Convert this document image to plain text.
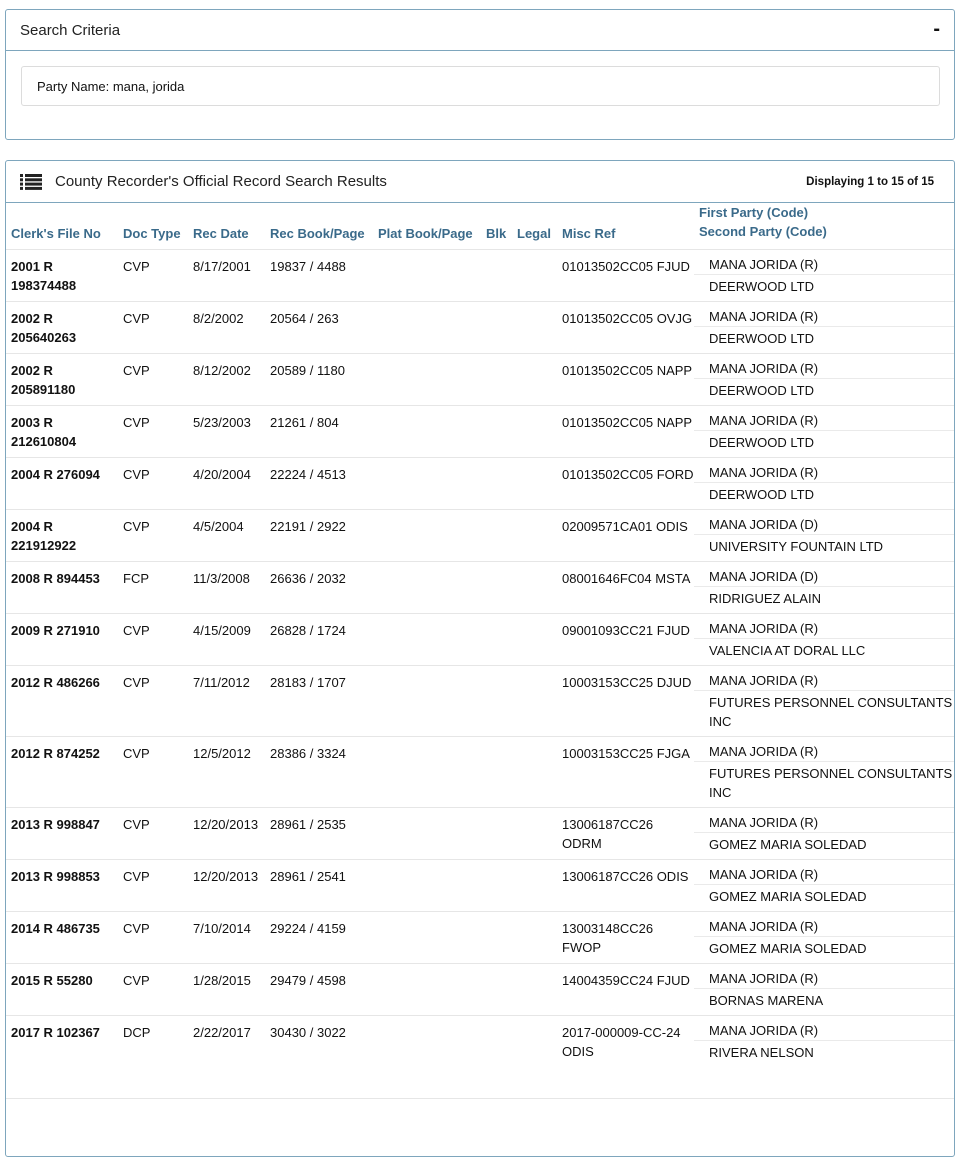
Search Criteria	-
Party Name: mana, jorida
County Recorder's Official Record Search Results	Displaying 1 to 15 of 15
Clerk's File No	Doc Type	Rec Date	Rec Book/Page	Plat Book/Page	Blk	Legal	Misc Ref	First Party (Code)
Second Party (Code)

2001 R 198374488	CVP	8/17/2001	19837 / 4488				01013502CC05 FJUD	MANA JORIDA (R)
DEERWOOD LTD

2002 R 205640263	CVP	8/2/2002	20564 / 263				01013502CC05 OVJG	MANA JORIDA (R)
DEERWOOD LTD

2002 R 205891180	CVP	8/12/2002	20589 / 1180				01013502CC05 NAPP	MANA JORIDA (R)
DEERWOOD LTD

2003 R 212610804	CVP	5/23/2003	21261 / 804				01013502CC05 NAPP	MANA JORIDA (R)
DEERWOOD LTD

2004 R 276094	CVP	4/20/2004	22224 / 4513				01013502CC05 FORD	MANA JORIDA (R)
DEERWOOD LTD

2004 R 221912922	CVP	4/5/2004	22191 / 2922				02009571CA01 ODIS	MANA JORIDA (D)
UNIVERSITY FOUNTAIN LTD

2008 R 894453	FCP	11/3/2008	26636 / 2032				08001646FC04 MSTA	MANA JORIDA (D)
RIDRIGUEZ ALAIN

2009 R 271910	CVP	4/15/2009	26828 / 1724				09001093CC21 FJUD	MANA JORIDA (R)
VALENCIA AT DORAL LLC

2012 R 486266	CVP	7/11/2012	28183 / 1707				10003153CC25 DJUD	MANA JORIDA (R)
FUTURES PERSONNEL CONSULTANTS INC

2012 R 874252	CVP	12/5/2012	28386 / 3324				10003153CC25 FJGA	MANA JORIDA (R)
FUTURES PERSONNEL CONSULTANTS INC

2013 R 998847	CVP	12/20/2013	28961 / 2535				13006187CC26 ODRM	MANA JORIDA (R)
GOMEZ MARIA SOLEDAD

2013 R 998853	CVP	12/20/2013	28961 / 2541				13006187CC26 ODIS	MANA JORIDA (R)
GOMEZ MARIA SOLEDAD

2014 R 486735	CVP	7/10/2014	29224 / 4159				13003148CC26 FWOP	MANA JORIDA (R)
GOMEZ MARIA SOLEDAD

2015 R 55280	CVP	1/28/2015	29479 / 4598				14004359CC24 FJUD	MANA JORIDA (R)
BORNAS MARENA

2017 R 102367	DCP	2/22/2017	30430 / 3022				2017-000009-CC-24 ODIS	MANA JORIDA (R)
RIVERA NELSON
